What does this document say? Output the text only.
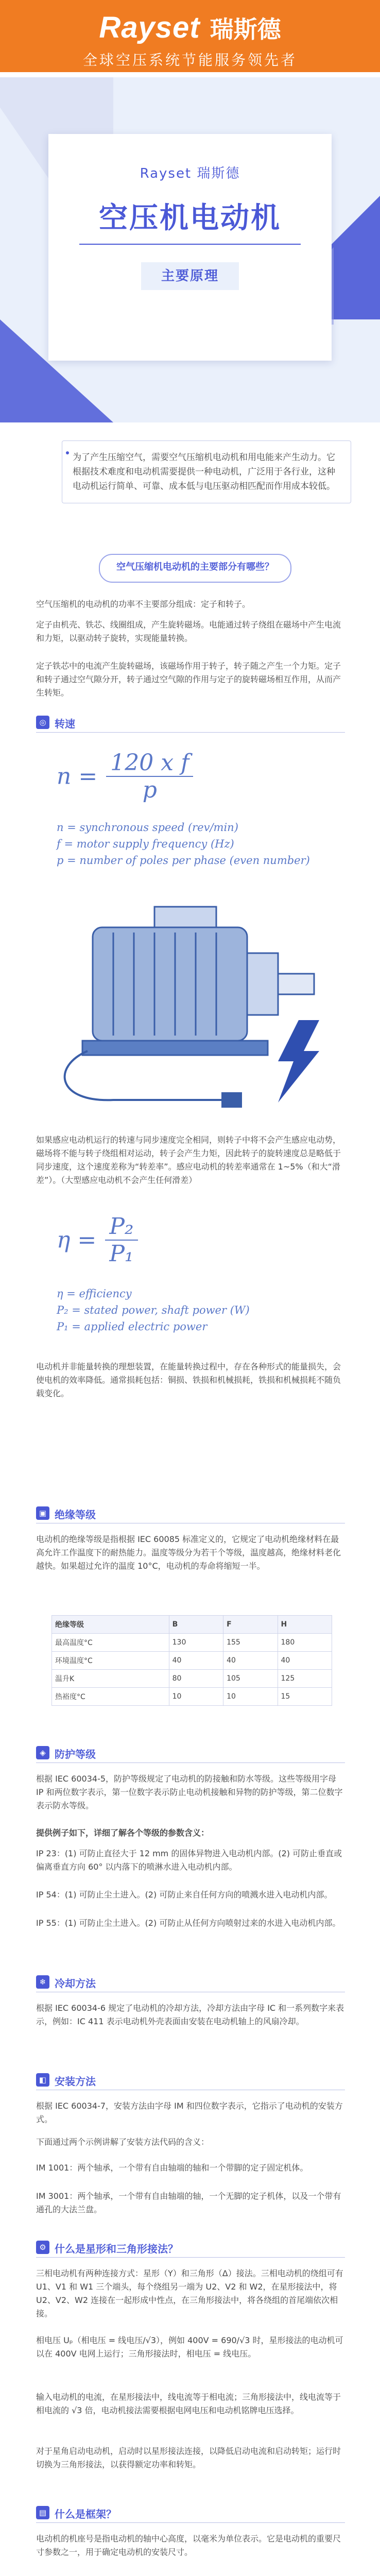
Rayset 瑞斯德
全球空压系统节能服务领先者
Rayset 瑞斯德
空压机电动机
主要原理
为了产生压缩空气，需要空气压缩机电动机和用电能来产生动力。它根据技术难度和电动机需要提供一种电动机，广泛用于各行业，这种电动机运行简单、可靠、成本低与电压驱动相匹配而作用成本较低。
空气压缩机电动机的主要部分有哪些？
空气压缩机的电动机的功率不主要部分组成：定子和转子。
定子由机壳、铁芯、线圈组成，产生旋转磁场。电能通过转子绕组在磁场中产生电流和力矩，以驱动转子旋转，实现能量转换。
定子铁芯中的电流产生旋转磁场，该磁场作用于转子，转子随之产生一个力矩。定子和转子通过空气隙分开，转子通过空气隙的作用与定子的旋转磁场相互作用，从而产生转矩。
◎ 转速
$n = \frac{\text{120 x f}}{p}$
n = synchronous speed (rev/min)
f = motor supply frequency (Hz)
p = number of poles per phase (even number)
如果感应电动机运行的转速与同步速度完全相同，则转子中将不会产生感应电动势，磁场将不能与转子绕组相对运动，转子会产生力矩，因此转子的旋转速度总是略低于同步速度，这个速度差称为“转差率”。感应电动机的转差率通常在 1~5%（和大“滑差”）。（大型感应电动机不会产生任何滑差）
$\eta = \frac{\text{P₂}}{\text{P₁}}$
η = efficiency
P₂ = stated power, shaft power (W)
P₁ = applied electric power
电动机并非能量转换的理想装置，在能量转换过程中，存在各种形式的能量损失，会使电机的效率降低。通常损耗包括：铜损、铁损和机械损耗，铁损和机械损耗不随负载变化。
▣ 绝缘等级
电动机的绝缘等级是指根据 IEC 60085 标准定义的，它规定了电动机绝缘材料在最高允许工作温度下的耐热能力。温度等级分为若干个等级，温度越高，绝缘材料老化越快。如果超过允许的温度 10°C，电动机的寿命将缩短一半。
绝缘等级	B	F	H
最高温度°C	130	155	180
环境温度°C	40	40	40
温升K	80	105	125
热裕度°C	10	10	15
◈ 防护等级
根据 IEC 60034-5，防护等级规定了电动机的防接触和防水等级。这些等级用字母 IP 和两位数字表示，第一位数字表示防止电动机接触和异物的防护等级，第二位数字表示防水等级。
提供例子如下，详细了解各个等级的参数含义：
IP 23：(1) 可防止直径大于 12 mm 的固体异物进入电动机内部。(2) 可防止垂直或偏离垂直方向 60° 以内落下的喷淋水进入电动机内部。
IP 54：(1) 可防止尘土进入。(2) 可防止来自任何方向的喷溅水进入电动机内部。
IP 55：(1) 可防止尘土进入。(2) 可防止从任何方向喷射过来的水进入电动机内部。
❄ 冷却方法
根据 IEC 60034-6 规定了电动机的冷却方法，冷却方法由字母 IC 和一系列数字来表示，例如：IC 411 表示电动机外壳表面由安装在电动机轴上的风扇冷却。
◧ 安装方法
根据 IEC 60034-7，安装方法由字母 IM 和四位数字表示，它指示了电动机的安装方式。
下面通过两个示例讲解了安装方法代码的含义：
IM 1001：两个轴承，一个带有自由轴端的轴和一个带脚的定子固定机体。
IM 3001：两个轴承，一个带有自由轴端的轴，一个无脚的定子机体，以及一个带有通孔的大法兰盘。
⚙ 什么是星形和三角形接法？
三相电动机有两种连接方式：星形（Y）和三角形（Δ）接法。三相电动机的绕组可有 U1、V1 和 W1 三个端头，每个绕组另一端为 U2、V2 和 W2，在星形接法中，将 U2、V2、W2 连接在一起形成中性点，在三角形接法中，将各绕组的首尾端依次相接。
相电压 Uₚ（相电压 = 线电压/√3），例如 400V = 690/√3 时，星形接法的电动机可以在 400V 电网上运行；三角形接法时，相电压 = 线电压。
输入电动机的电流，在星形接法中，线电流等于相电流；三角形接法中，线电流等于相电流的 √3 倍，电动机接法需要根据电网电压和电动机铭牌电压选择。
对于星角启动电动机，启动时以星形接法连接，以降低启动电流和启动转矩；运行时切换为三角形接法，以获得额定功率和转矩。
▤ 什么是框架？
电动机的机座号是指电动机的轴中心高度，以毫米为单位表示。它是电动机的重要尺寸参数之一，用于确定电动机的安装尺寸。
